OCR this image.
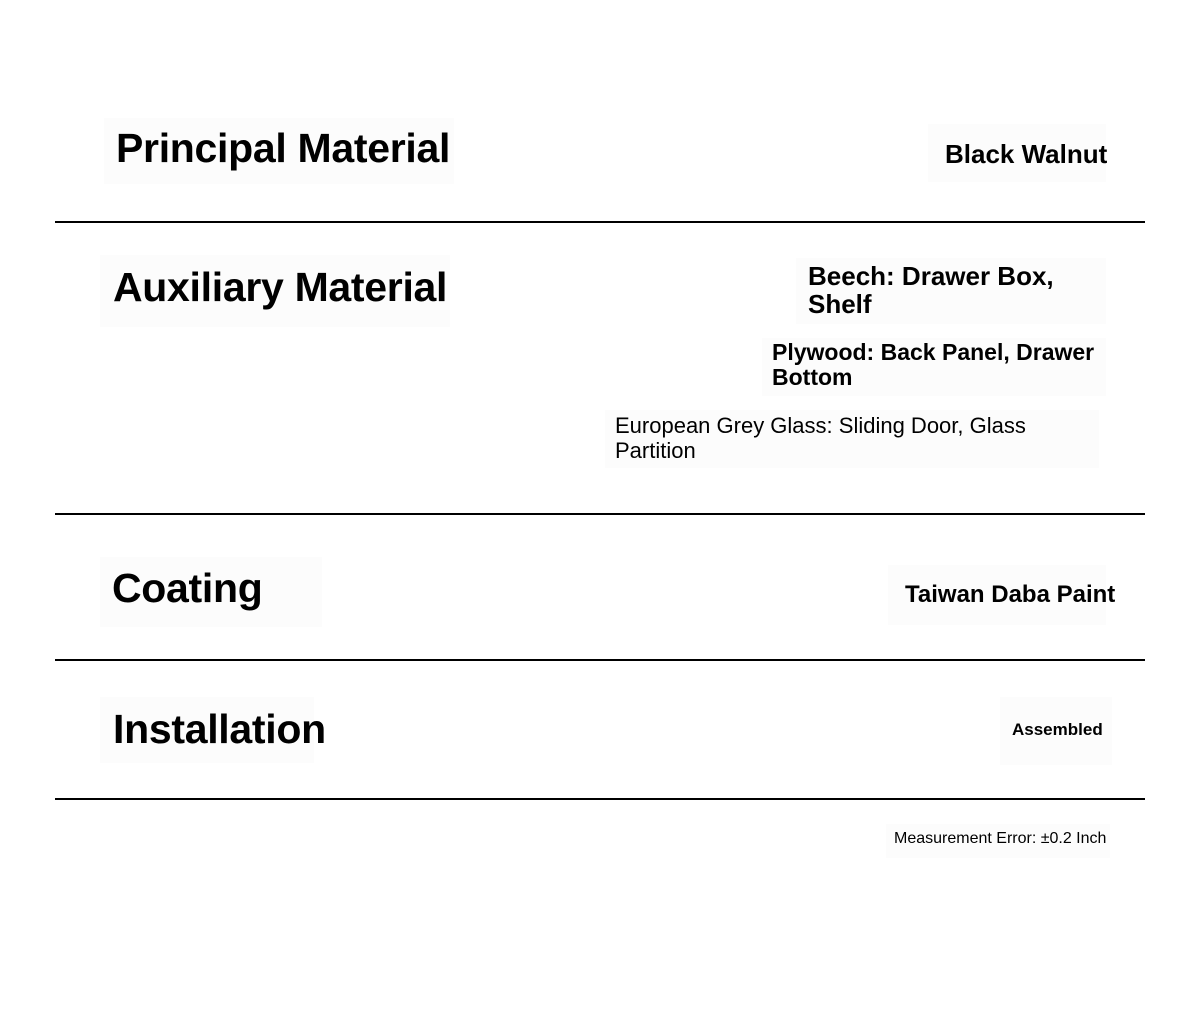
Principal Material	Black Walnut
Auxiliary Material	Beech: Drawer Box, Shelf
Plywood: Back Panel, Drawer Bottom
European Grey Glass: Sliding Door, Glass Partition
Coating	Taiwan Daba Paint
Installation	Assembled
Measurement Error: ±0.2 Inch
